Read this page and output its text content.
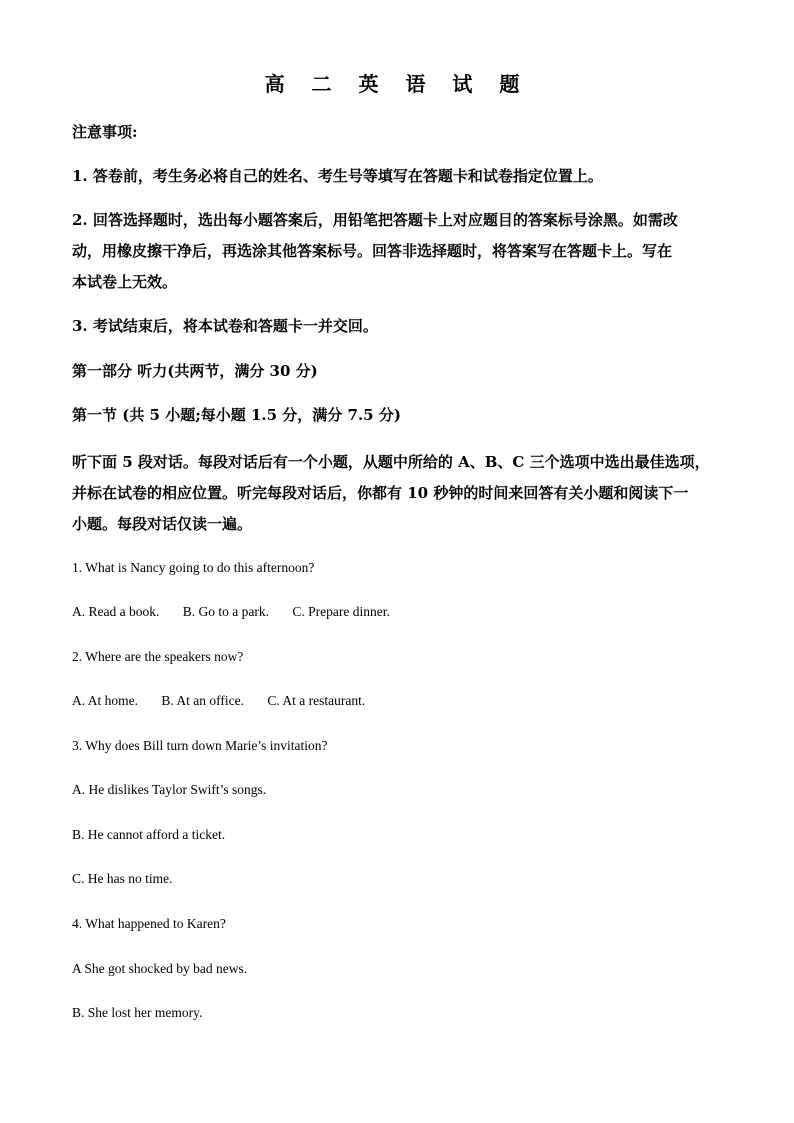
高 二 英 语 试 题
注意事项:
1. 答卷前，考生务必将自己的姓名、考生号等填写在答题卡和试卷指定位置上。
2. 回答选择题时，选出每小题答案后，用铅笔把答题卡上对应题目的答案标号涂黑。如需改
动，用橡皮擦干净后，再选涂其他答案标号。回答非选择题时，将答案写在答题卡上。写在
本试卷上无效。
3. 考试结束后，将本试卷和答题卡一并交回。
第一部分 听力(共两节，满分 30 分)
第一节 (共 5 小题;每小题 1.5 分，满分 7.5 分)
听下面 5 段对话。每段对话后有一个小题，从题中所给的 A、B、C 三个选项中选出最佳选项，
并标在试卷的相应位置。听完每段对话后，你都有 10 秒钟的时间来回答有关小题和阅读下一
小题。每段对话仅读一遍。
1. What is Nancy going to do this afternoon?
A. Read a book. B. Go to a park. C. Prepare dinner.
2. Where are the speakers now?
A. At home. B. At an office. C. At a restaurant.
3. Why does Bill turn down Marie’s invitation?
A. He dislikes Taylor Swift’s songs.
B. He cannot afford a ticket.
C. He has no time.
4. What happened to Karen?
A She got shocked by bad news.
B. She lost her memory.
